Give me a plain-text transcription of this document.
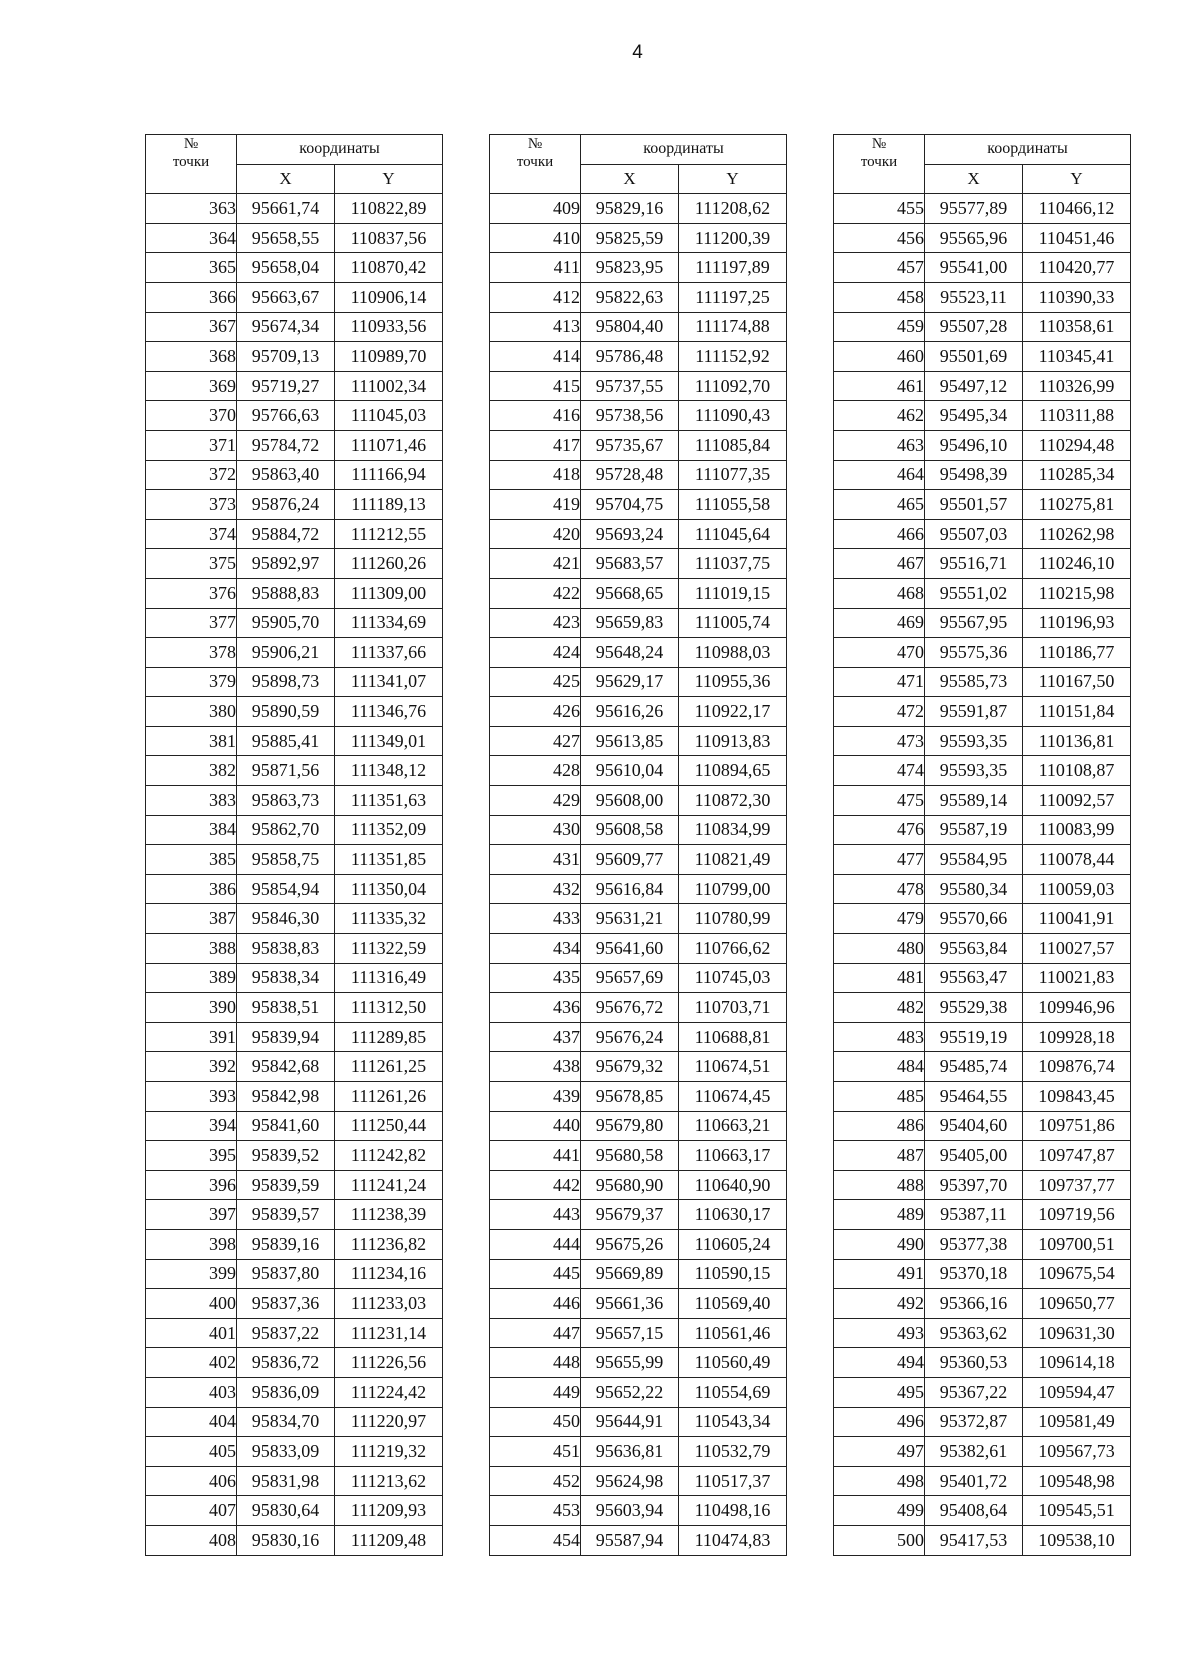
4
№
точки	координаты	
	X	Y
363	95661,74	110822,89
364	95658,55	110837,56
365	95658,04	110870,42
366	95663,67	110906,14
367	95674,34	110933,56
368	95709,13	110989,70
369	95719,27	111002,34
370	95766,63	111045,03
371	95784,72	111071,46
372	95863,40	111166,94
373	95876,24	111189,13
374	95884,72	111212,55
375	95892,97	111260,26
376	95888,83	111309,00
377	95905,70	111334,69
378	95906,21	111337,66
379	95898,73	111341,07
380	95890,59	111346,76
381	95885,41	111349,01
382	95871,56	111348,12
383	95863,73	111351,63
384	95862,70	111352,09
385	95858,75	111351,85
386	95854,94	111350,04
387	95846,30	111335,32
388	95838,83	111322,59
389	95838,34	111316,49
390	95838,51	111312,50
391	95839,94	111289,85
392	95842,68	111261,25
393	95842,98	111261,26
394	95841,60	111250,44
395	95839,52	111242,82
396	95839,59	111241,24
397	95839,57	111238,39
398	95839,16	111236,82
399	95837,80	111234,16
400	95837,36	111233,03
401	95837,22	111231,14
402	95836,72	111226,56
403	95836,09	111224,42
404	95834,70	111220,97
405	95833,09	111219,32
406	95831,98	111213,62
407	95830,64	111209,93
408	95830,16	111209,48
№
точки	координаты	
	X	Y
409	95829,16	111208,62
410	95825,59	111200,39
411	95823,95	111197,89
412	95822,63	111197,25
413	95804,40	111174,88
414	95786,48	111152,92
415	95737,55	111092,70
416	95738,56	111090,43
417	95735,67	111085,84
418	95728,48	111077,35
419	95704,75	111055,58
420	95693,24	111045,64
421	95683,57	111037,75
422	95668,65	111019,15
423	95659,83	111005,74
424	95648,24	110988,03
425	95629,17	110955,36
426	95616,26	110922,17
427	95613,85	110913,83
428	95610,04	110894,65
429	95608,00	110872,30
430	95608,58	110834,99
431	95609,77	110821,49
432	95616,84	110799,00
433	95631,21	110780,99
434	95641,60	110766,62
435	95657,69	110745,03
436	95676,72	110703,71
437	95676,24	110688,81
438	95679,32	110674,51
439	95678,85	110674,45
440	95679,80	110663,21
441	95680,58	110663,17
442	95680,90	110640,90
443	95679,37	110630,17
444	95675,26	110605,24
445	95669,89	110590,15
446	95661,36	110569,40
447	95657,15	110561,46
448	95655,99	110560,49
449	95652,22	110554,69
450	95644,91	110543,34
451	95636,81	110532,79
452	95624,98	110517,37
453	95603,94	110498,16
454	95587,94	110474,83
№
точки	координаты	
	X	Y
455	95577,89	110466,12
456	95565,96	110451,46
457	95541,00	110420,77
458	95523,11	110390,33
459	95507,28	110358,61
460	95501,69	110345,41
461	95497,12	110326,99
462	95495,34	110311,88
463	95496,10	110294,48
464	95498,39	110285,34
465	95501,57	110275,81
466	95507,03	110262,98
467	95516,71	110246,10
468	95551,02	110215,98
469	95567,95	110196,93
470	95575,36	110186,77
471	95585,73	110167,50
472	95591,87	110151,84
473	95593,35	110136,81
474	95593,35	110108,87
475	95589,14	110092,57
476	95587,19	110083,99
477	95584,95	110078,44
478	95580,34	110059,03
479	95570,66	110041,91
480	95563,84	110027,57
481	95563,47	110021,83
482	95529,38	109946,96
483	95519,19	109928,18
484	95485,74	109876,74
485	95464,55	109843,45
486	95404,60	109751,86
487	95405,00	109747,87
488	95397,70	109737,77
489	95387,11	109719,56
490	95377,38	109700,51
491	95370,18	109675,54
492	95366,16	109650,77
493	95363,62	109631,30
494	95360,53	109614,18
495	95367,22	109594,47
496	95372,87	109581,49
497	95382,61	109567,73
498	95401,72	109548,98
499	95408,64	109545,51
500	95417,53	109538,10
